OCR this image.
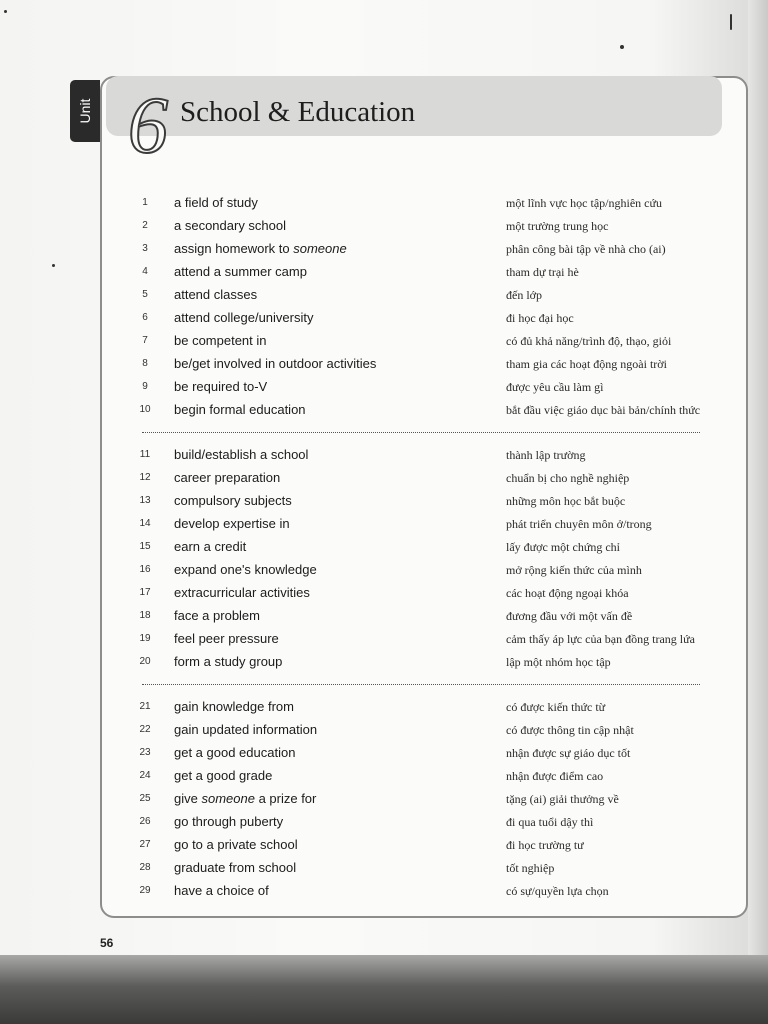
Unit 6 School & Education
1	a field of study	một lĩnh vực học tập/nghiên cứu
2	a secondary school	một trường trung học
3	assign homework to someone	phân công bài tập về nhà cho (ai)
4	attend a summer camp	tham dự trại hè
5	attend classes	đến lớp
6	attend college/university	đi học đại học
7	be competent in	có đủ khả năng/trình độ, thạo, giỏi
8	be/get involved in outdoor activities	tham gia các hoạt động ngoài trời
9	be required to-V	được yêu cầu làm gì
10	begin formal education	bắt đầu việc giáo dục bài bản/chính thức
11	build/establish a school	thành lập trường
12	career preparation	chuẩn bị cho nghề nghiệp
13	compulsory subjects	những môn học bắt buộc
14	develop expertise in	phát triển chuyên môn ở/trong
15	earn a credit	lấy được một chứng chỉ
16	expand one's knowledge	mở rộng kiến thức của mình
17	extracurricular activities	các hoạt động ngoại khóa
18	face a problem	đương đầu với một vấn đề
19	feel peer pressure	cảm thấy áp lực của bạn đồng trang lứa
20	form a study group	lập một nhóm học tập
21	gain knowledge from	có được kiến thức từ
22	gain updated information	có được thông tin cập nhật
23	get a good education	nhận được sự giáo dục tốt
24	get a good grade	nhận được điểm cao
25	give someone a prize for	tặng (ai) giải thưởng về
26	go through puberty	đi qua tuổi dậy thì
27	go to a private school	đi học trường tư
28	graduate from school	tốt nghiệp
29	have a choice of	có sự/quyền lựa chọn
56
